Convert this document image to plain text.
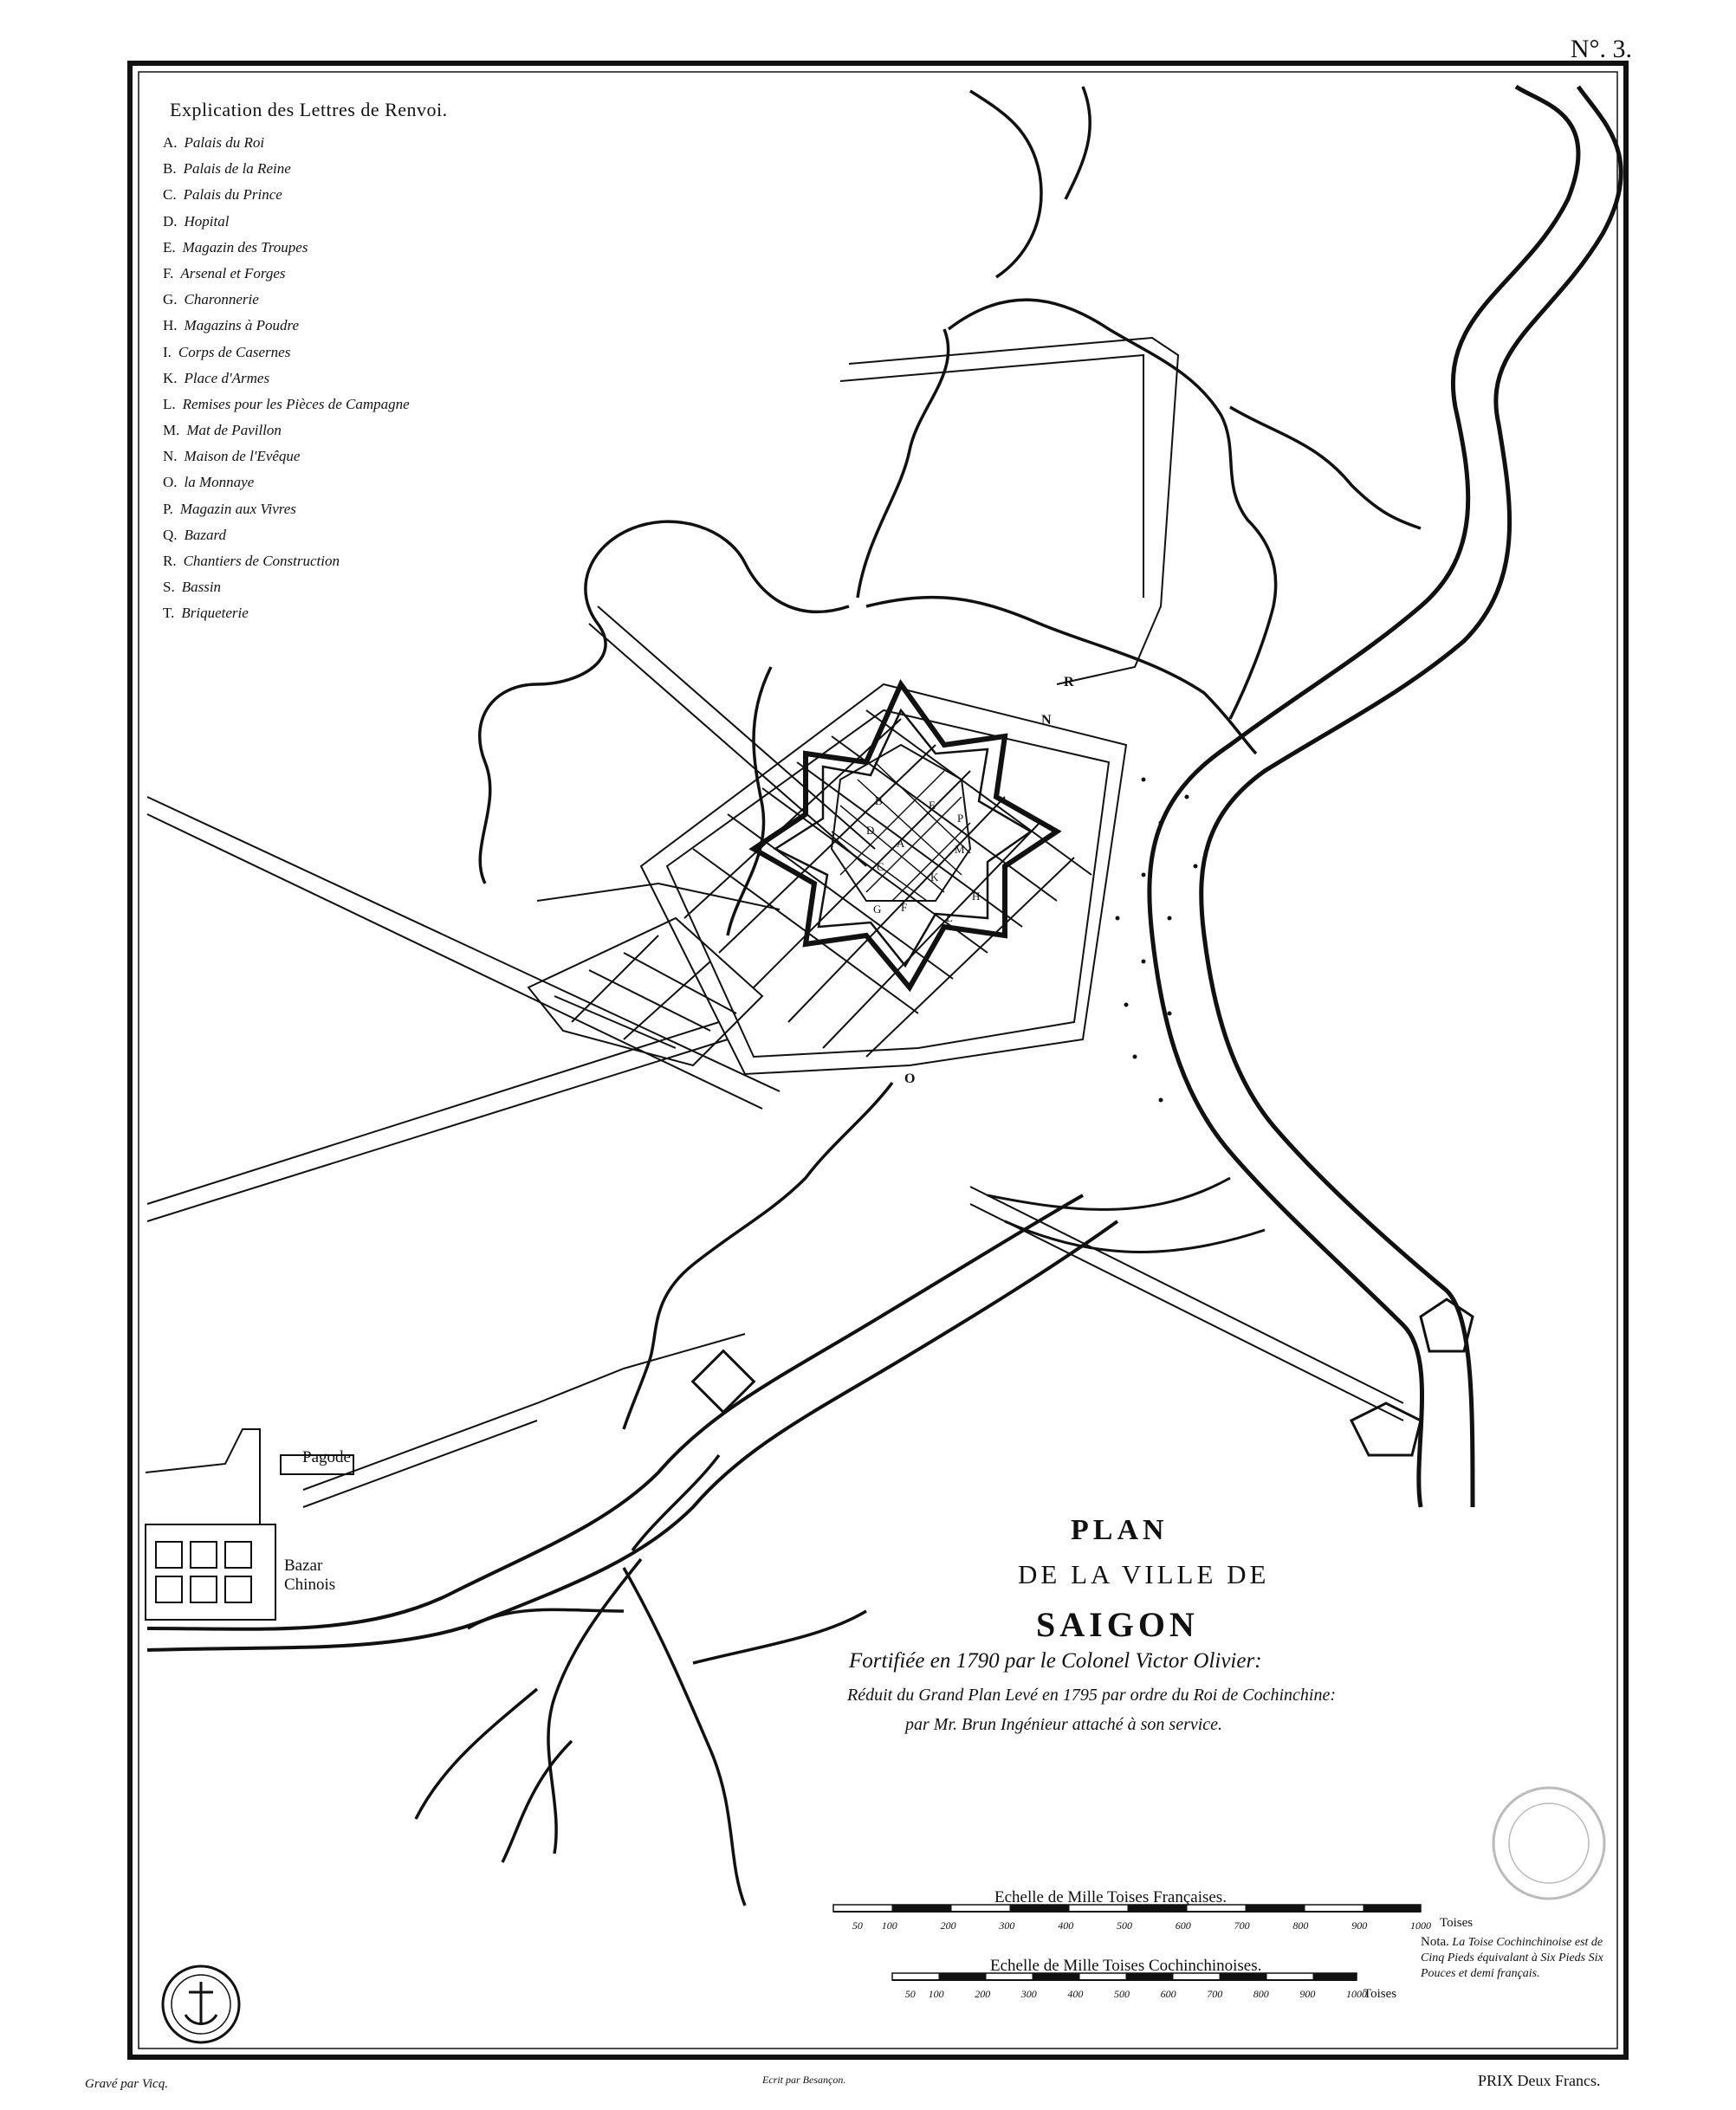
N°. 3.
Explication des Lettres de Renvoi.
A. Palais du Roi
B. Palais de la Reine
C. Palais du Prince
D. Hopital
E. Magazin des Troupes
F. Arsenal et Forges
G. Charonnerie
H. Magazins à Poudre
I. Corps de Casernes
K. Place d'Armes
L. Remises pour les Pièces de Campagne
M. Mat de Pavillon
N. Maison de l'Evêque
O. la Monnaye
P. Magazin aux Vivres
Q. Bazard
R. Chantiers de Construction
S. Bassin
T. Briqueterie
PLAN
DE LA VILLE DE
SAIGON
Fortifiée en 1790 par le Colonel Victor Olivier:
Réduit du Grand Plan Levé en 1795 par ordre du Roi de Cochinchine:
par Mr. Brun Ingénieur attaché à son service.
Pagode
Bazar Chinois
N
R
O
B
D
A
C
E
K
G F
L
M
P
H
Echelle de Mille Toises Françaises.
50 100	200	300	400	500	600	700	800	900	1000 Toises
Echelle de Mille Toises Cochinchinoises.
50 100	200	300	400	500	600	700	800	900	1000
Toises
Nota. La Toise Cochinchinoise est de Cinq Pieds équivalant à Six Pieds Six Pouces et demi français.
Gravé par Vicq.	Ecrit par Besançon.	PRIX Deux Francs.
